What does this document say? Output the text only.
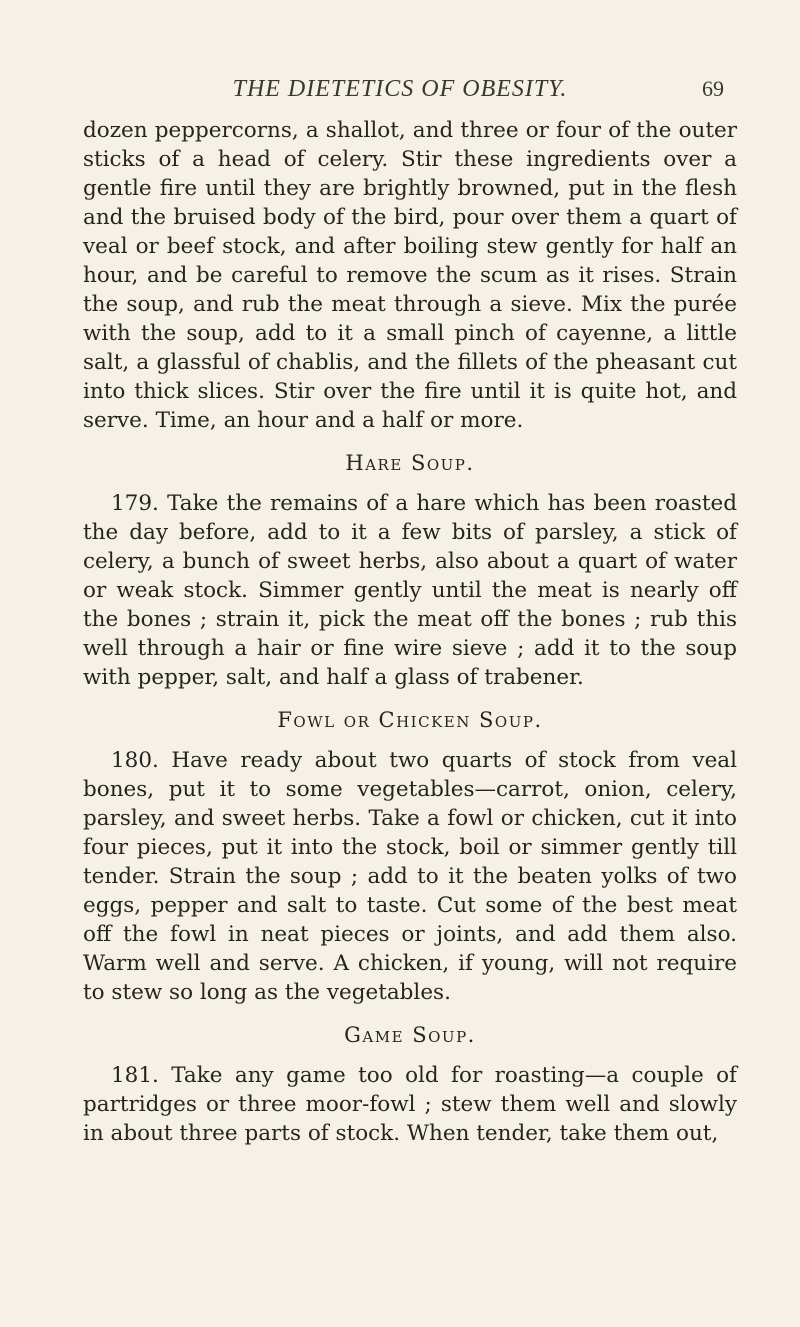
THE DIETETICS OF OBESITY.	69

dozen peppercorns, a shallot, and three or four of the outer sticks of a head of celery. Stir these ingredients over a gentle fire until they are brightly browned, put in the flesh and the bruised body of the bird, pour over them a quart of veal or beef stock, and after boiling stew gently for half an hour, and be careful to remove the scum as it rises. Strain the soup, and rub the meat through a sieve. Mix the purée with the soup, add to it a small pinch of cayenne, a little salt, a glassful of chablis, and the fillets of the pheasant cut into thick slices. Stir over the fire until it is quite hot, and serve. Time, an hour and a half or more.

Hare Soup.

179. Take the remains of a hare which has been roasted the day before, add to it a few bits of parsley, a stick of celery, a bunch of sweet herbs, also about a quart of water or weak stock. Simmer gently until the meat is nearly off the bones ; strain it, pick the meat off the bones ; rub this well through a hair or fine wire sieve ; add it to the soup with pepper, salt, and half a glass of trabener.

Fowl or Chicken Soup.

180. Have ready about two quarts of stock from veal bones, put it to some vegetables—carrot, onion, celery, parsley, and sweet herbs. Take a fowl or chicken, cut it into four pieces, put it into the stock, boil or simmer gently till tender. Strain the soup ; add to it the beaten yolks of two eggs, pepper and salt to taste. Cut some of the best meat off the fowl in neat pieces or joints, and add them also. Warm well and serve. A chicken, if young, will not require to stew so long as the vegetables.

Game Soup.

181. Take any game too old for roasting—a couple of partridges or three moor-fowl ; stew them well and slowly in about three parts of stock. When tender, take them out,
